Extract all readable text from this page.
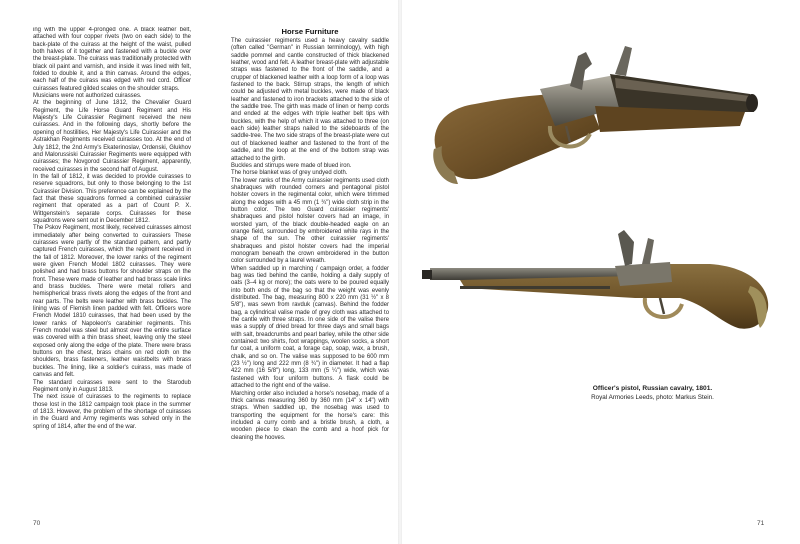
ing with the upper 4-pronged one. A black leather belt, attached with four copper rivets (two on each side) to the back-plate of the cuirass at the height of the waist, pulled both halves of it together and fastened with a buckle over the breast-plate. The cuirass was traditionally protected with black oil paint and varnish, and inside it was lined with felt, folded to double it, and a thin canvas. Around the edges, each half of the cuirass was edged with red cord. Officer cuirasses featured gilded scales on the shoulder straps.

Musicians were not authorized cuirasses.

At the beginning of June 1812, the Chevalier Guard Regiment, the Life Horse Guard Regiment and His Majesty's Life Cuirassier Regiment received the new cuirasses. And in the following days, shortly before the opening of hostilities, Her Majesty's Life Cuirassier and the Astrakhan Regiments received cuirasses too. At the end of July 1812, the 2nd Army's Ekaterinoslav, Ordenski, Glukhov and Malorussiski Cuirassier Regiments were equipped with cuirasses; the Novgorod Cuirassier Regiment, apparently, received cuirasses in the second half of August.

In the fall of 1812, it was decided to provide cuirasses to reserve squadrons, but only to those belonging to the 1st Cuirassier Division. This preference can be explained by the fact that these squadrons formed a combined cuirassier regiment that operated as a part of Count P. X. Wittgenstein's separate corps. Cuirasses for these squadrons were sent out in December 1812.

The Pskov Regiment, most likely, received cuirasses almost immediately after being converted to cuirassiers These cuirasses were partly of the standard pattern, and partly captured French cuirasses, which the regiment received in the fall of 1812. Moreover, the lower ranks of the regiment were given French Model 1802 cuirasses. They were polished and had brass buttons for shoulder straps on the front. These were made of leather and had brass scale links and brass buckles. There were metal rollers and hemispherical brass rivets along the edges of the front and rear parts. The belts were leather with brass buckles. The lining was of Flemish linen padded with felt. Officers wore French Model 1810 cuirasses, that had been used by the lower ranks of Napoleon's carabinier regiments. This French model was steel but almost over the entire surface was covered with a thin brass sheet, leaving only the steel exposed only along the edge of the plate. There were brass buttons on the chest, brass chains on red cloth on the shoulders, brass fasteners, leather waistbelts with brass buckles. The lining, like a soldier's cuirass, was made of canvas and felt.

The standard cuirasses were sent to the Starodub Regiment only in August 1813.

The next issue of cuirasses to the regiments to replace those lost in the 1812 campaign took place in the summer of 1813. However, the problem of the shortage of cuirasses in the Guard and Army regiments was solved only in the spring of 1814, after the end of the war.

Horse Furniture

The cuirassier regiments used a heavy cavalry saddle (often called "German" in Russian terminology), with high saddle pommel and cantle constructed of thick blackened leather, wood and felt. A leather breast-plate with adjustable straps was fastened to the front of the saddle, and a crupper of blackened leather with a loop form of a loop was fastened to the back. Stirrup straps, the length of which could be adjusted with metal buckles, were made of black leather and fastened to iron brackets attached to the side of the saddle tree. The girth was made of linen or hemp cords and ended at the edges with triple leather belt tips with buckles, with the help of which it was attached to three (on each side) leather straps nailed to the sideboards of the saddle-tree. The two side straps of the breast-plate were cut out of blackened leather and fastened to the front of the saddle, and the loop at the end of the bottom strap was attached to the girth.

Buckles and stirrups were made of blued iron.

The horse blanket was of grey undyed cloth.

The lower ranks of the Army cuirassier regiments used cloth shabraques with rounded corners and pentagonal pistol holster covers in the regimental color, which were trimmed along the edges with a 45 mm (1 ¾") wide cloth strip in the button color. The two Guard cuirassier regiments' shabraques and pistol holster covers had an image, in worsted yarn, of the black double-headed eagle on an orange field, surrounded by embroidered white rays in the shape of the sun. The other cuirassier regiments' shabraques and pistol holster covers had the imperial monogram beneath the crown embroidered in the button color surrounded by a laurel wreath.

When saddled up in marching / campaign order, a fodder bag was tied behind the cantle, holding a daily supply of oats (3–4 kg or more); the oats were to be poured equally into both ends of the bag so that the weight was evenly distributed. The bag, measuring 800 x 220 mm (31 ½" x 8 5/8"), was sewn from ravduk (canvas). Behind the fodder bag, a cylindrical valise made of grey cloth was attached to the cantle with three straps. In one side of the valise there was a supply of dried bread for three days and small bags with salt, breadcrumbs and pearl barley, while the other side contained: two shirts, foot wrappings, woolen socks, a short fur coat, a uniform coat, a forage cap, soap, wax, a brush, chalk, and so on. The valise was supposed to be 600 mm (23 ½") long and 222 mm (8 ¾") in diameter. It had a flap 422 mm (16 5/8") long, 133 mm (5 ¼") wide, which was fastened with four uniform buttons. A flask could be attached to the right end of the valise.

Marching order also included a horse's nosebag, made of a thick canvas measuring 360 by 360 mm (14" x 14") with straps. When saddled up, the nosebag was used to transporting the equipment for the horse's care: this included a curry comb and a bristle brush, a cloth, a wooden piece to clean the comb and a hoof pick for cleaning the hooves.

Officer's pistol, Russian cavalry, 1801.
Royal Armories Leeds, photo: Markus Stein.
70	71
